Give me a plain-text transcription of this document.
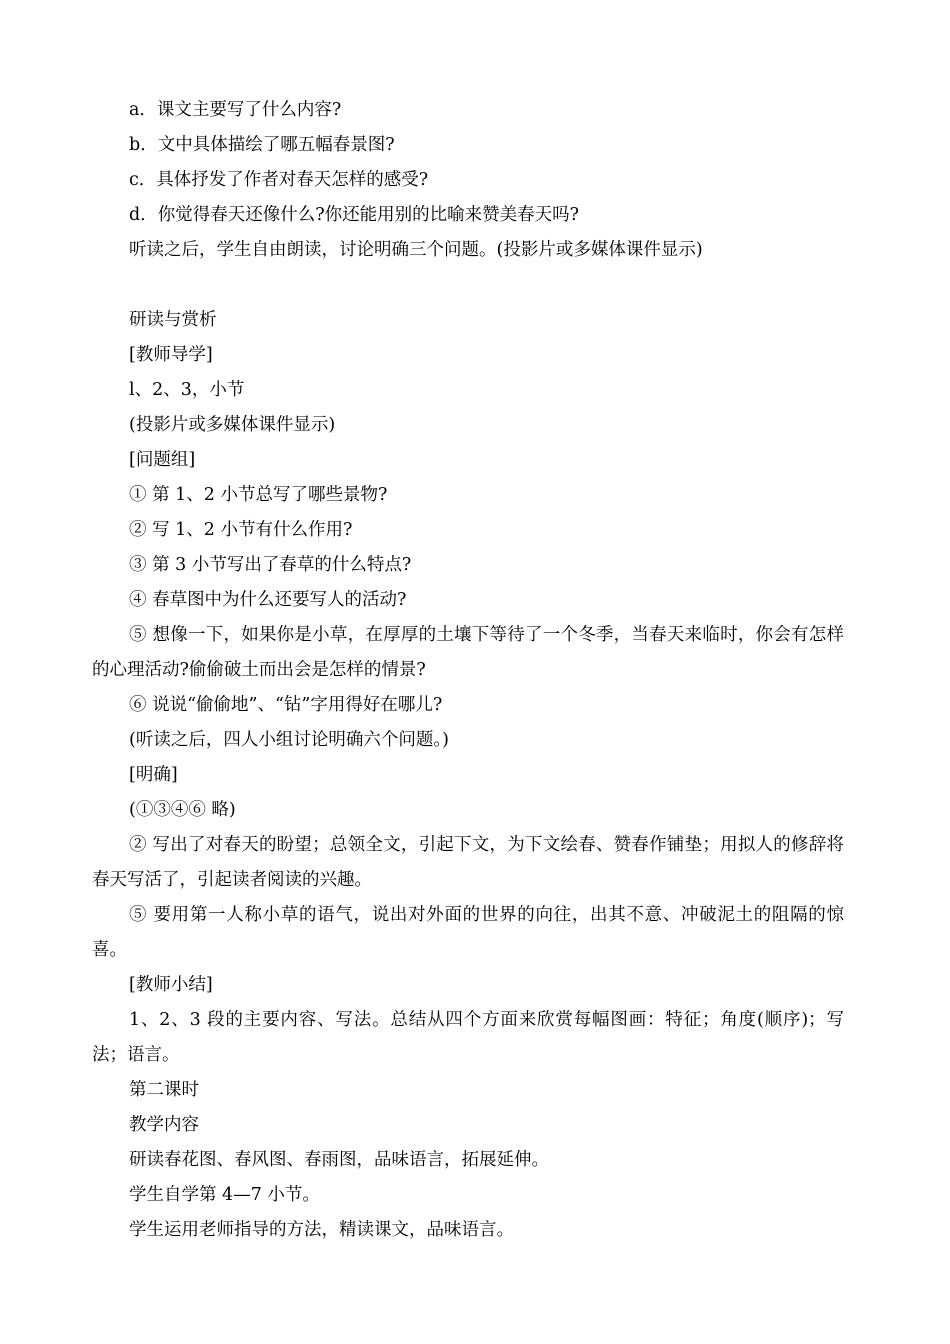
a．课文主要写了什么内容?

b．文中具体描绘了哪五幅春景图?

c．具体抒发了作者对春天怎样的感受?

d．你觉得春天还像什么?你还能用别的比喻来赞美春天吗?

听读之后，学生自由朗读，讨论明确三个问题。(投影片或多媒体课件显示)

研读与赏析

[教师导学]

l、2、3，小节

(投影片或多媒体课件显示)

[问题组]

① 第 1、2 小节总写了哪些景物?

② 写 1、2 小节有什么作用?

③ 第 3 小节写出了春草的什么特点?

④ 春草图中为什么还要写人的活动?

⑤ 想像一下，如果你是小草，在厚厚的土壤下等待了一个冬季，当春天来临时，你会有怎样的心理活动?偷偷破土而出会是怎样的情景?

⑥ 说说“偷偷地”、“钻”字用得好在哪儿?

(听读之后，四人小组讨论明确六个问题。)

[明确]

(①③④⑥ 略)

② 写出了对春天的盼望；总领全文，引起下文，为下文绘春、赞春作铺垫；用拟人的修辞将春天写活了，引起读者阅读的兴趣。

⑤ 要用第一人称小草的语气，说出对外面的世界的向往，出其不意、冲破泥土的阻隔的惊喜。

[教师小结]

1、2、3 段的主要内容、写法。总结从四个方面来欣赏每幅图画：特征；角度(顺序)；写法；语言。

第二课时

教学内容

研读春花图、春风图、春雨图，品味语言，拓展延伸。

学生自学第 4—7 小节。

学生运用老师指导的方法，精读课文，品味语言。
